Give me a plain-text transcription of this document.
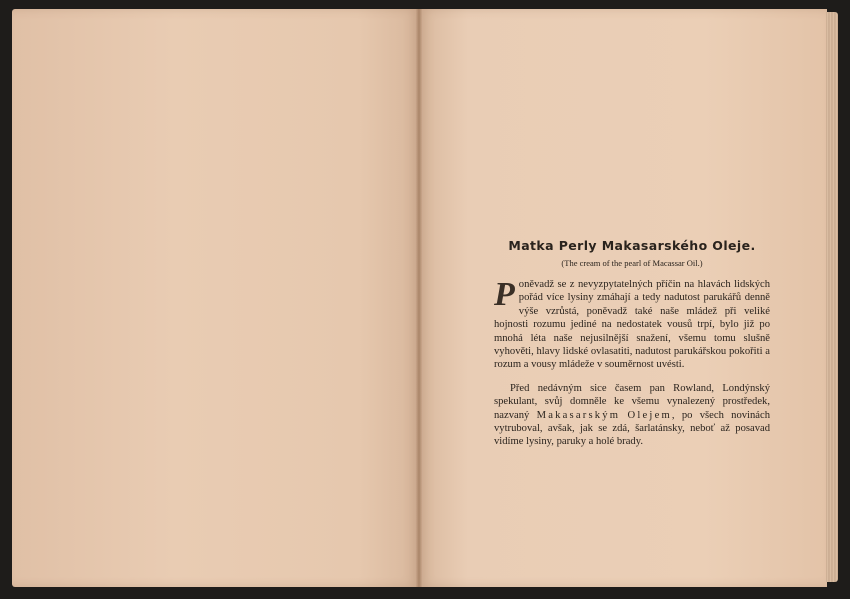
Matka Perly Makasarského Oleje.
(The cream of the pearl of Macassar Oil.)

Poněvadž se z nevyzpytatelných příčin na hlavách lidských pořád více lysiny zmáhají a tedy nadutost parukářů denně výše vzrůstá, poněvadž také naše mládež při veliké hojnosti rozumu jediné na nedostatek vousů trpí, bylo již po mnohá léta naše nejusilnější snažení, všemu tomu slušně vyhověti, hlavy lidské ovlasatiti, nadutost parukářskou pokořiti a rozum a vousy mládeže v souměrnost uvésti.

Před nedávným sice časem pan Rowland, Londýnský spekulant, svůj domněle ke všemu vynalezený prostředek, nazvaný Makasarským Olejem, po všech novinách vytruboval, avšak, jak se zdá, šarlatánsky, neboť až posavad vidíme lysiny, paruky a holé brady.
